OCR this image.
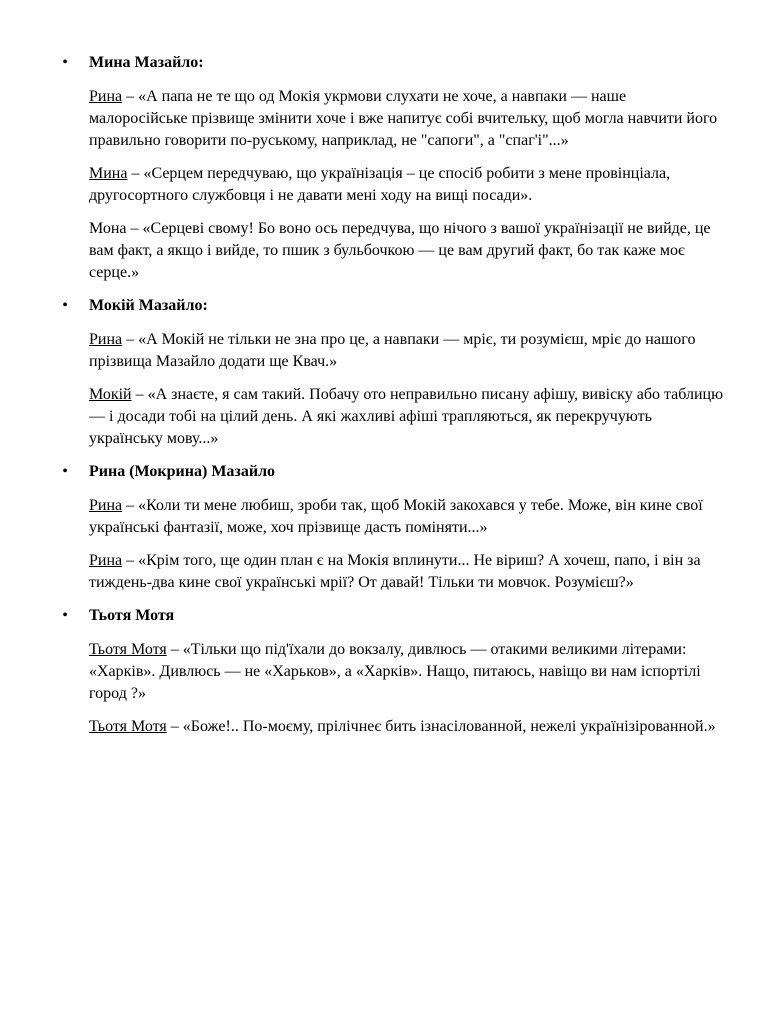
• Мина Мазайло:

Рина – «А папа не те що од Мокія укрмови слухати не хоче, а навпаки — наше малоросійське прізвище змінити хоче і вже напитує собі вчительку, щоб могла навчити його правильно говорити по-руському, наприклад, не "сапоги", а "спаг'і"...»

Мина – «Серцем передчуваю, що українізація – це спосіб робити з мене провінціала, другосортного службовця і не давати мені ходу на вищі посади».

Мона – «Серцеві свому! Бо воно ось передчува, що нічого з вашої українізації не вийде, це вам факт, а якщо і вийде, то пшик з бульбочкою — це вам другий факт, бо так каже моє серце.»

• Мокій Мазайло:

Рина – «А Мокій не тільки не зна про це, а навпаки — мріє, ти розумієш, мріє до нашого прізвища Мазайло додати ще Квач.»

Мокій – «А знаєте, я сам такий. Побачу ото неправильно писану афішу, вивіску або таблицю — і досади тобі на цілий день. А які жахливі афіші трапляються, як перекручують українську мову...»

• Рина (Мокрина) Мазайло

Рина – «Коли ти мене любиш, зроби так, щоб Мокій закохався у тебе. Може, він кине свої українські фантазії, може, хоч прізвище дасть поміняти...»

Рина – «Крім того, ще один план є на Мокія вплинути... Не віриш? А хочеш, папо, і він за тиждень-два кине свої українські мрії? От давай! Тільки ти мовчок. Розумієш?»

• Тьотя Мотя

Тьотя Мотя – «Тільки що під'їхали до вокзалу, дивлюсь — отакими великими літерами: «Харків». Дивлюсь — не «Харьков», а «Харків». Нащо, питаюсь, навіщо ви нам іспортілі город ?»

Тьотя Мотя – «Боже!.. По-моєму, прілічнеє бить ізнасілованной, нежелі українізірованной.»
